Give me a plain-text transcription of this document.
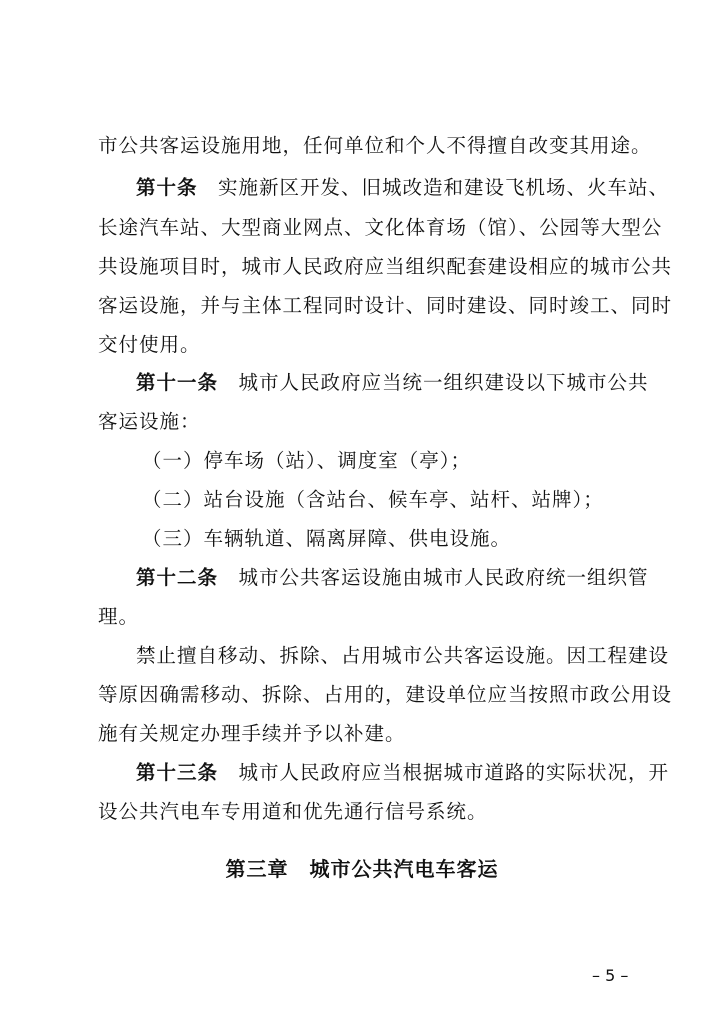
市公共客运设施用地，任何单位和个人不得擅自改变其用途。
第十条　实施新区开发、旧城改造和建设飞机场、火车站、
长途汽车站、大型商业网点、文化体育场（馆）、公园等大型公
共设施项目时，城市人民政府应当组织配套建设相应的城市公共
客运设施，并与主体工程同时设计、同时建设、同时竣工、同时
交付使用。
第十一条　城市人民政府应当统一组织建设以下城市公共
客运设施：
（一）停车场（站）、调度室（亭）；
（二）站台设施（含站台、候车亭、站杆、站牌）；
（三）车辆轨道、隔离屏障、供电设施。
第十二条　城市公共客运设施由城市人民政府统一组织管
理。
禁止擅自移动、拆除、占用城市公共客运设施。因工程建设
等原因确需移动、拆除、占用的，建设单位应当按照市政公用设
施有关规定办理手续并予以补建。
第十三条　城市人民政府应当根据城市道路的实际状况，开
设公共汽电车专用道和优先通行信号系统。
第三章　城市公共汽电车客运
– 5 –
